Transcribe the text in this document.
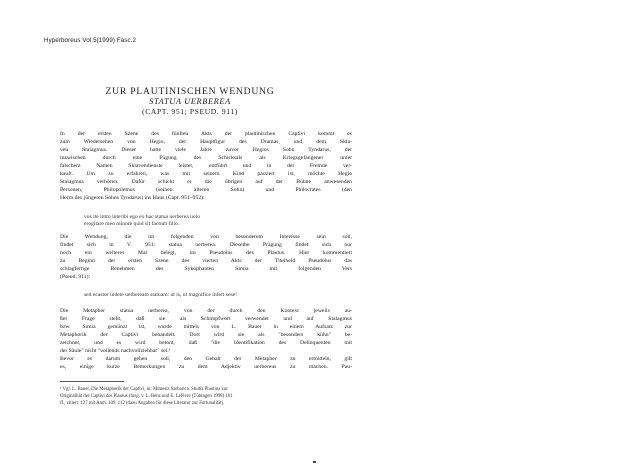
Hyperboreus Vol.5(1999) Fasc.2
ZUR PLAUTINISCHEN WENDUNG
STATUA UERBEREA
(CAPT. 951; PSEUD. 911)
In der ersten Szene des fünften Akts der plautinischen Captivi kommt es
zum Wiedersehen von Hegio, der Hauptfigur des Dramas, und dem Skla-
ven Stalagmus. Dieser hatte viele Jahre zuvor Hegios Sohn Tyndarus, der
inzwischen durch eine Fügung des Schicksals als Kriegsgefangener unter
falschem Namen Sklavendienste leistet, entführt und in der Fremde ver-
kauft. Um zu erfahren, was mit seinem Kind passiert ist, möchte Hegio
Stalagmus verhören. Dafür schickt er die übrigen auf der Bühne anwesenden
Personen, Philopolemus (seinen älteren Sohn) und Philocrates (den
Herrn des jüngeren Sohns Tyndarus) ins Haus (Capt. 951–952):
vos ite intro interibi ego ex hac statua uerberea uolo
erogitare meo minore quid sit factum filio.
Die Wendung, die im folgenden von besonderem Interesse sein soll,
findet sich in V. 951: statua uerberea. Dieselbe Prägung findet sich nur
noch ein weiteres Mal belegt, im Pseudolus des Plautus. Hier kommentiert
zu Beginn der ersten Szene des vierten Akts der Titelheld Pseudolus das
schlagfertige Benehmen des Sykophanten Simia mit folgenden Vers
(Pseud. 911):
sed ecastor uidete uerbeream statuam: ut is, ut magnifice infert sese!
Die Metapher statua uerberea, von der durch den Kontext jeweils au-
ßer Frage steht, daß sie als Schimpfwort verwendet und auf Stalagmus
bzw. Simia gemünzt ist, wurde mittels von L. Bauer in einem Aufsatz zur
Metaphorik der Captivi behandelt. Dort wird sie als "besonders kühn" be-
zeichnet, und es wird betont, daß "die Identifikation des Delinquenten mit
der Säule" nicht "vollends nachvollziehbar" sei.¹
Bevor es darum gehen soll, den Gehalt der Metapher zu ermitteln, gilt
es, einige kurze Bemerkungen zu dem Adjektiv uerbereus zu machen. Pau-
¹ Vgl. L. Bauer, Die Metaphorik der Captivi, in: Mimesis Sarbarica. Studia Plautina zur
Originalität der Captivi des Plautus (hrsg. v. L. Benz und E. Lefèvre (Tübingen 1998) 101
ff., zitiert: 127 mit Anm. 109. 112 (dazu Angaben für diese Literatur zur Fortunalität).
